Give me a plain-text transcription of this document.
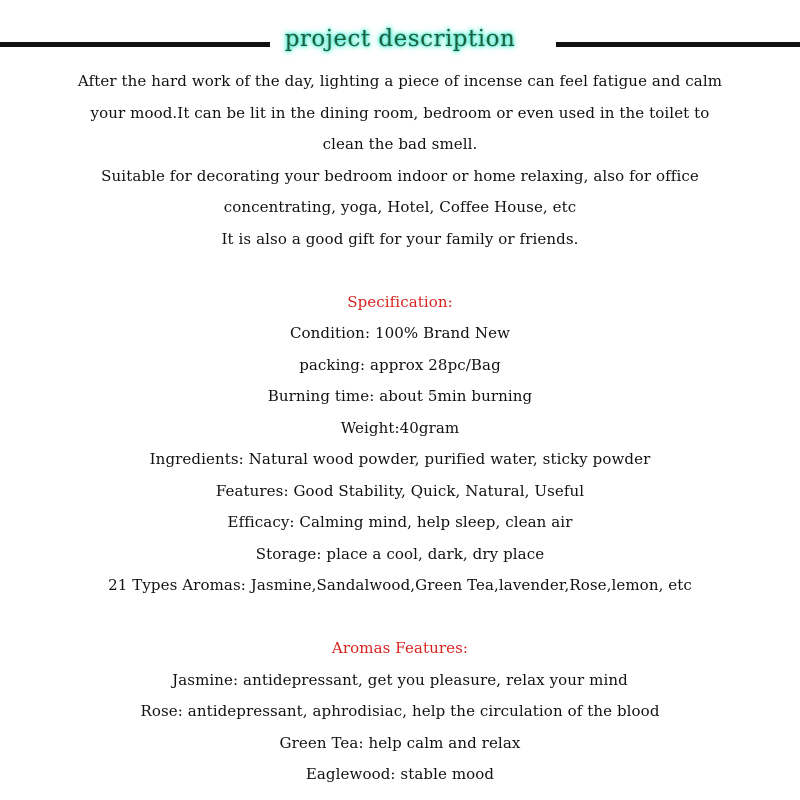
project description
After the hard work of the day, lighting a piece of incense can feel fatigue and calm
your mood.It can be lit in the dining room, bedroom or even used in the toilet to
clean the bad smell.
Suitable for decorating your bedroom indoor or home relaxing, also for office
concentrating, yoga, Hotel, Coffee House, etc
It is also a good gift for your family or friends.
Specification:
Condition: 100% Brand New
packing: approx 28pc/Bag
Burning time: about 5min burning
Weight:40gram
Ingredients: Natural wood powder, purified water, sticky powder
Features: Good Stability, Quick, Natural, Useful
Efficacy: Calming mind, help sleep, clean air
Storage: place a cool, dark, dry place
21 Types Aromas: Jasmine,Sandalwood,Green Tea,lavender,Rose,lemon, etc
Aromas Features:
Jasmine: antidepressant, get you pleasure, relax your mind
Rose: antidepressant, aphrodisiac, help the circulation of the blood
Green Tea: help calm and relax
Eaglewood: stable mood
